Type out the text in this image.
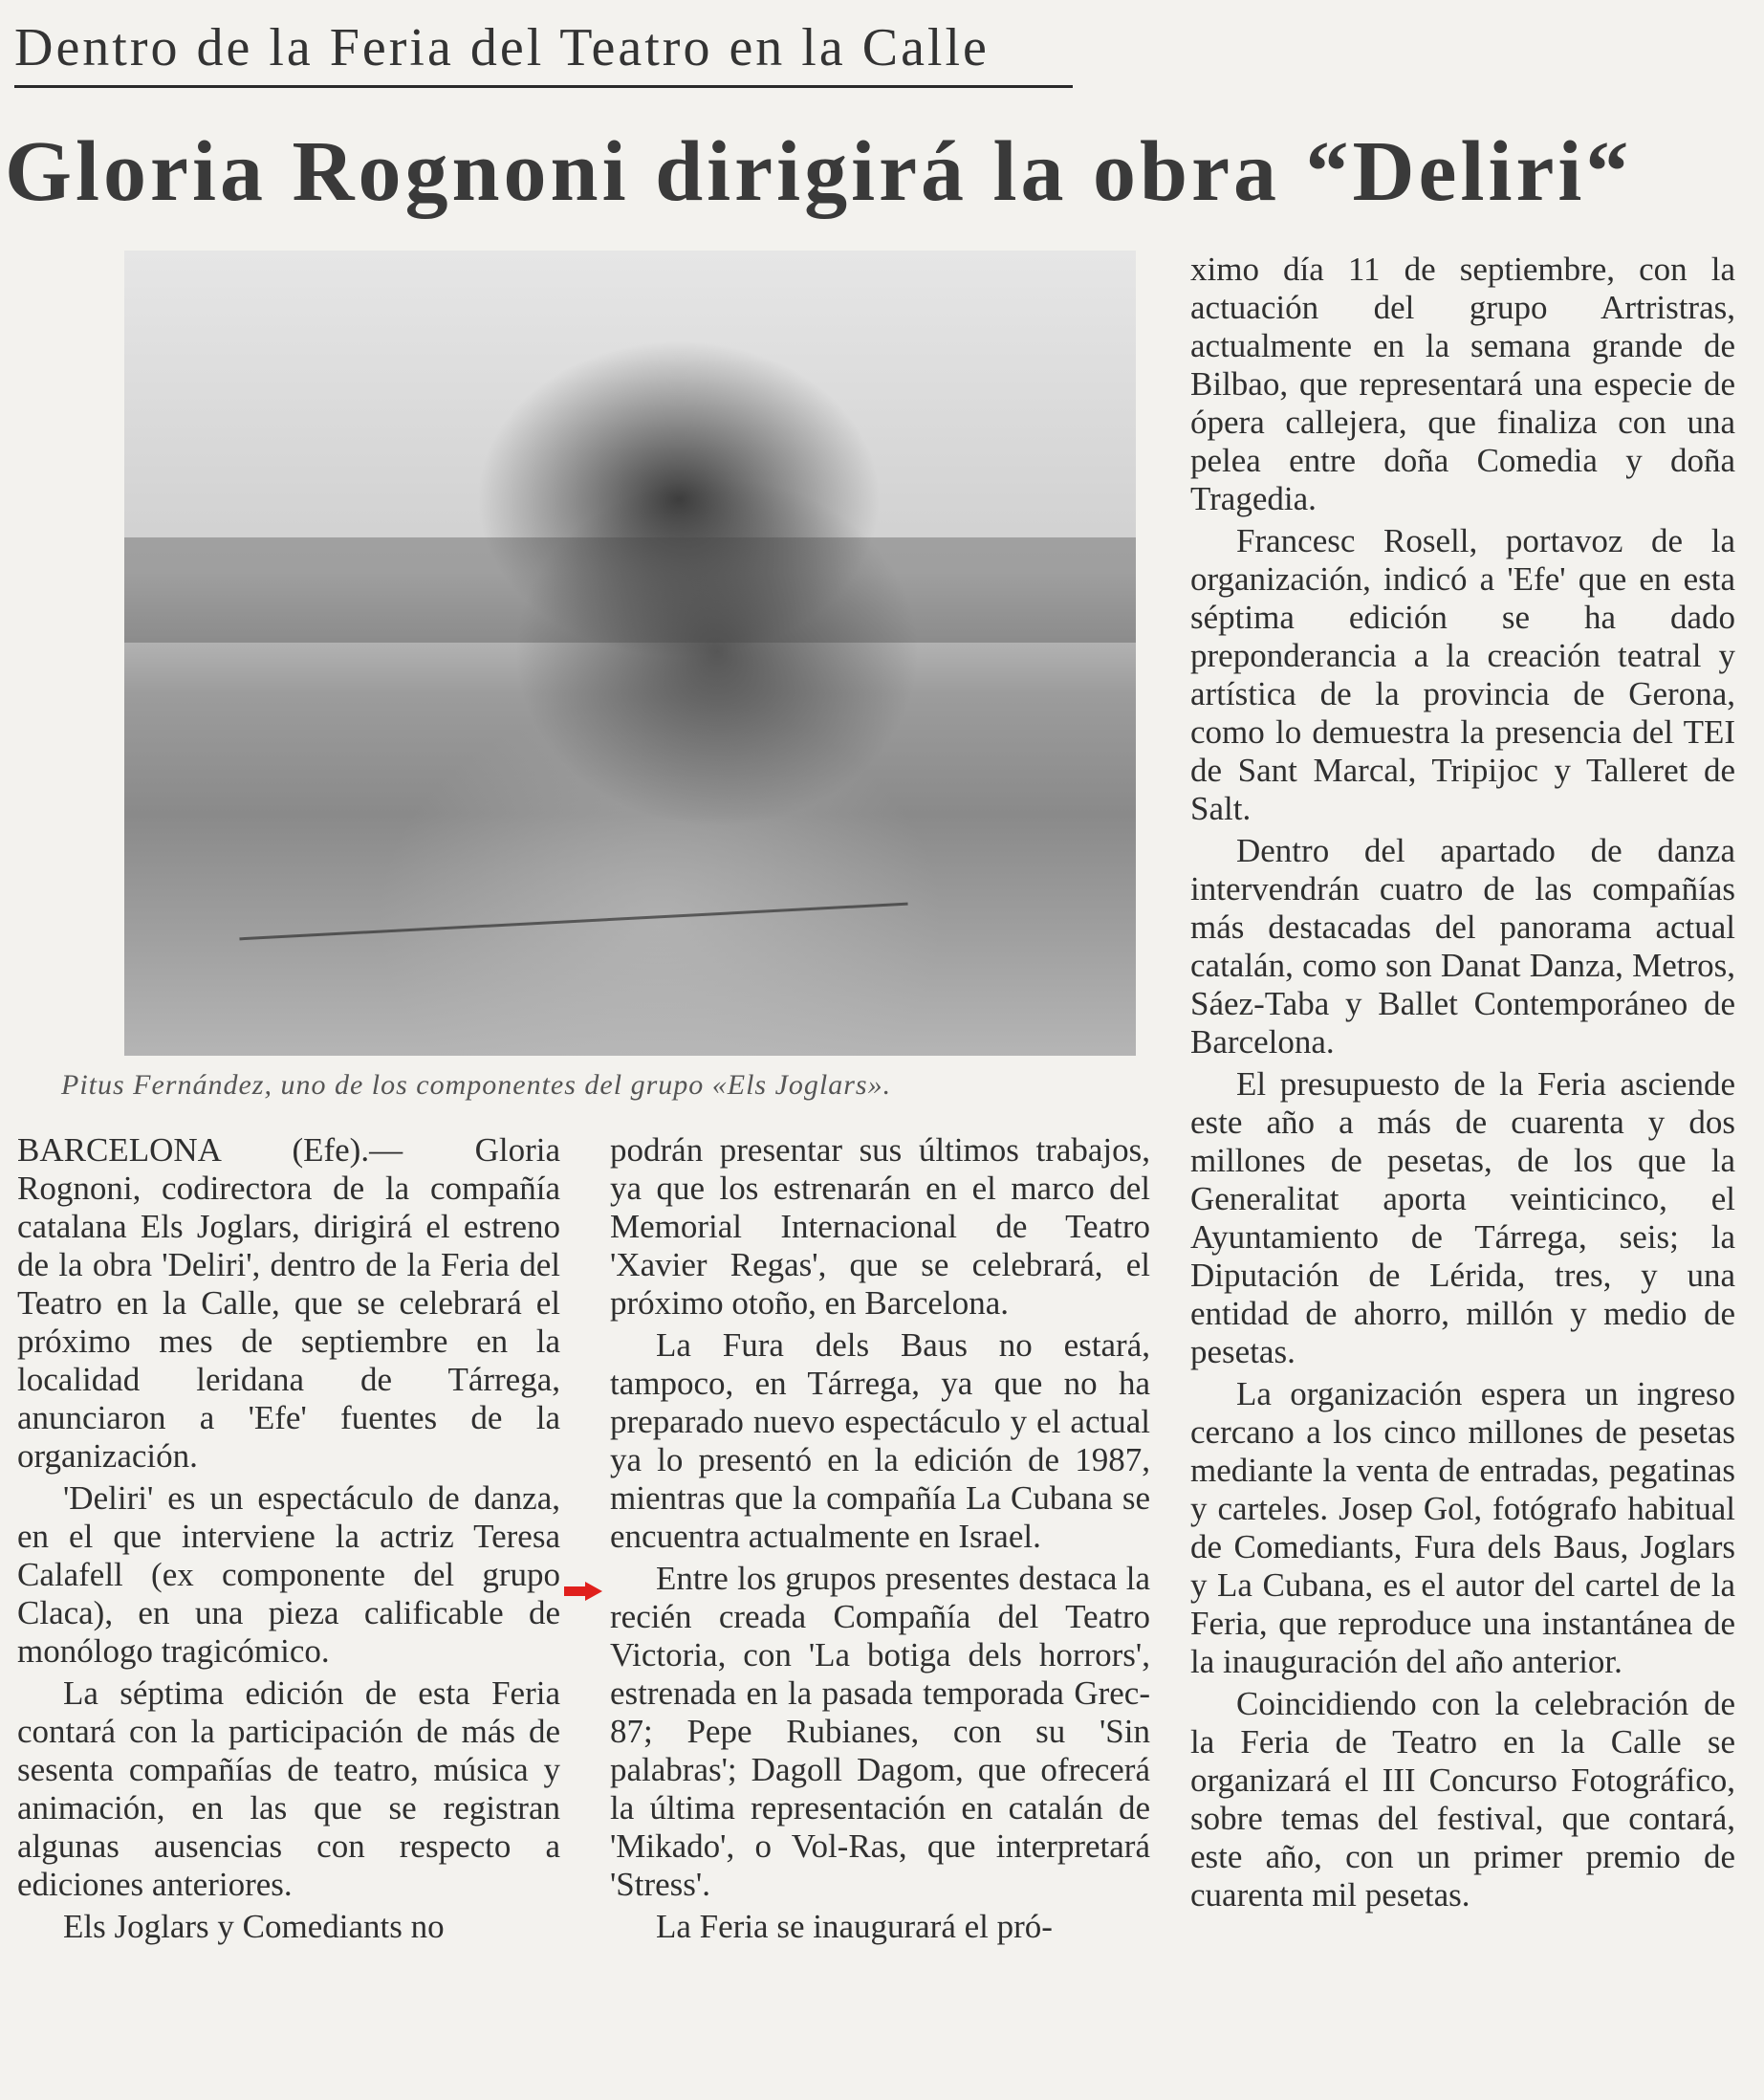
Dentro de la Feria del Teatro en la Calle
Gloria Rognoni dirigirá la obra “Deliri“
Pitus Fernández, uno de los componentes del grupo «Els Joglars».

BARCELONA (Efe).— Gloria Rognoni, codirectora de la compañía catalana Els Joglars, dirigirá el estreno de la obra 'Deliri', dentro de la Feria del Teatro en la Calle, que se celebrará el próximo mes de septiembre en la localidad leridana de Tárrega, anunciaron a 'Efe' fuentes de la organización.

'Deliri' es un espectáculo de danza, en el que interviene la actriz Teresa Calafell (ex componente del grupo Claca), en una pieza calificable de monólogo tragicómico.

La séptima edición de esta Feria contará con la participación de más de sesenta compañías de teatro, música y animación, en las que se registran algunas ausencias con respecto a ediciones anteriores.

Els Joglars y Comediants no

podrán presentar sus últimos trabajos, ya que los estrenarán en el marco del Memorial Internacional de Teatro 'Xavier Regas', que se celebrará, el próximo otoño, en Barcelona.

La Fura dels Baus no estará, tampoco, en Tárrega, ya que no ha preparado nuevo espectáculo y el actual ya lo presentó en la edición de 1987, mientras que la compañía La Cubana se encuentra actualmente en Israel.

Entre los grupos presentes destaca la recién creada Compañía del Teatro Victoria, con 'La botiga dels horrors', estrenada en la pasada temporada Grec-87; Pepe Rubianes, con su 'Sin palabras'; Dagoll Dagom, que ofrecerá la última representación en catalán de 'Mikado', o Vol-Ras, que interpretará 'Stress'.

La Feria se inaugurará el pró-

ximo día 11 de septiembre, con la actuación del grupo Artristras, actualmente en la semana grande de Bilbao, que representará una especie de ópera callejera, que finaliza con una pelea entre doña Comedia y doña Tragedia.

Francesc Rosell, portavoz de la organización, indicó a 'Efe' que en esta séptima edición se ha dado preponderancia a la creación teatral y artística de la provincia de Gerona, como lo demuestra la presencia del TEI de Sant Marcal, Tripijoc y Talleret de Salt.

Dentro del apartado de danza intervendrán cuatro de las compañías más destacadas del panorama actual catalán, como son Danat Danza, Metros, Sáez-Taba y Ballet Contemporáneo de Barcelona.

El presupuesto de la Feria asciende este año a más de cuarenta y dos millones de pesetas, de los que la Generalitat aporta veinticinco, el Ayuntamiento de Tárrega, seis; la Diputación de Lérida, tres, y una entidad de ahorro, millón y medio de pesetas.

La organización espera un ingreso cercano a los cinco millones de pesetas mediante la venta de entradas, pegatinas y carteles. Josep Gol, fotógrafo habitual de Comediants, Fura dels Baus, Joglars y La Cubana, es el autor del cartel de la Feria, que reproduce una instantánea de la inauguración del año anterior.

Coincidiendo con la celebración de la Feria de Teatro en la Calle se organizará el III Concurso Fotográfico, sobre temas del festival, que contará, este año, con un primer premio de cuarenta mil pesetas.
